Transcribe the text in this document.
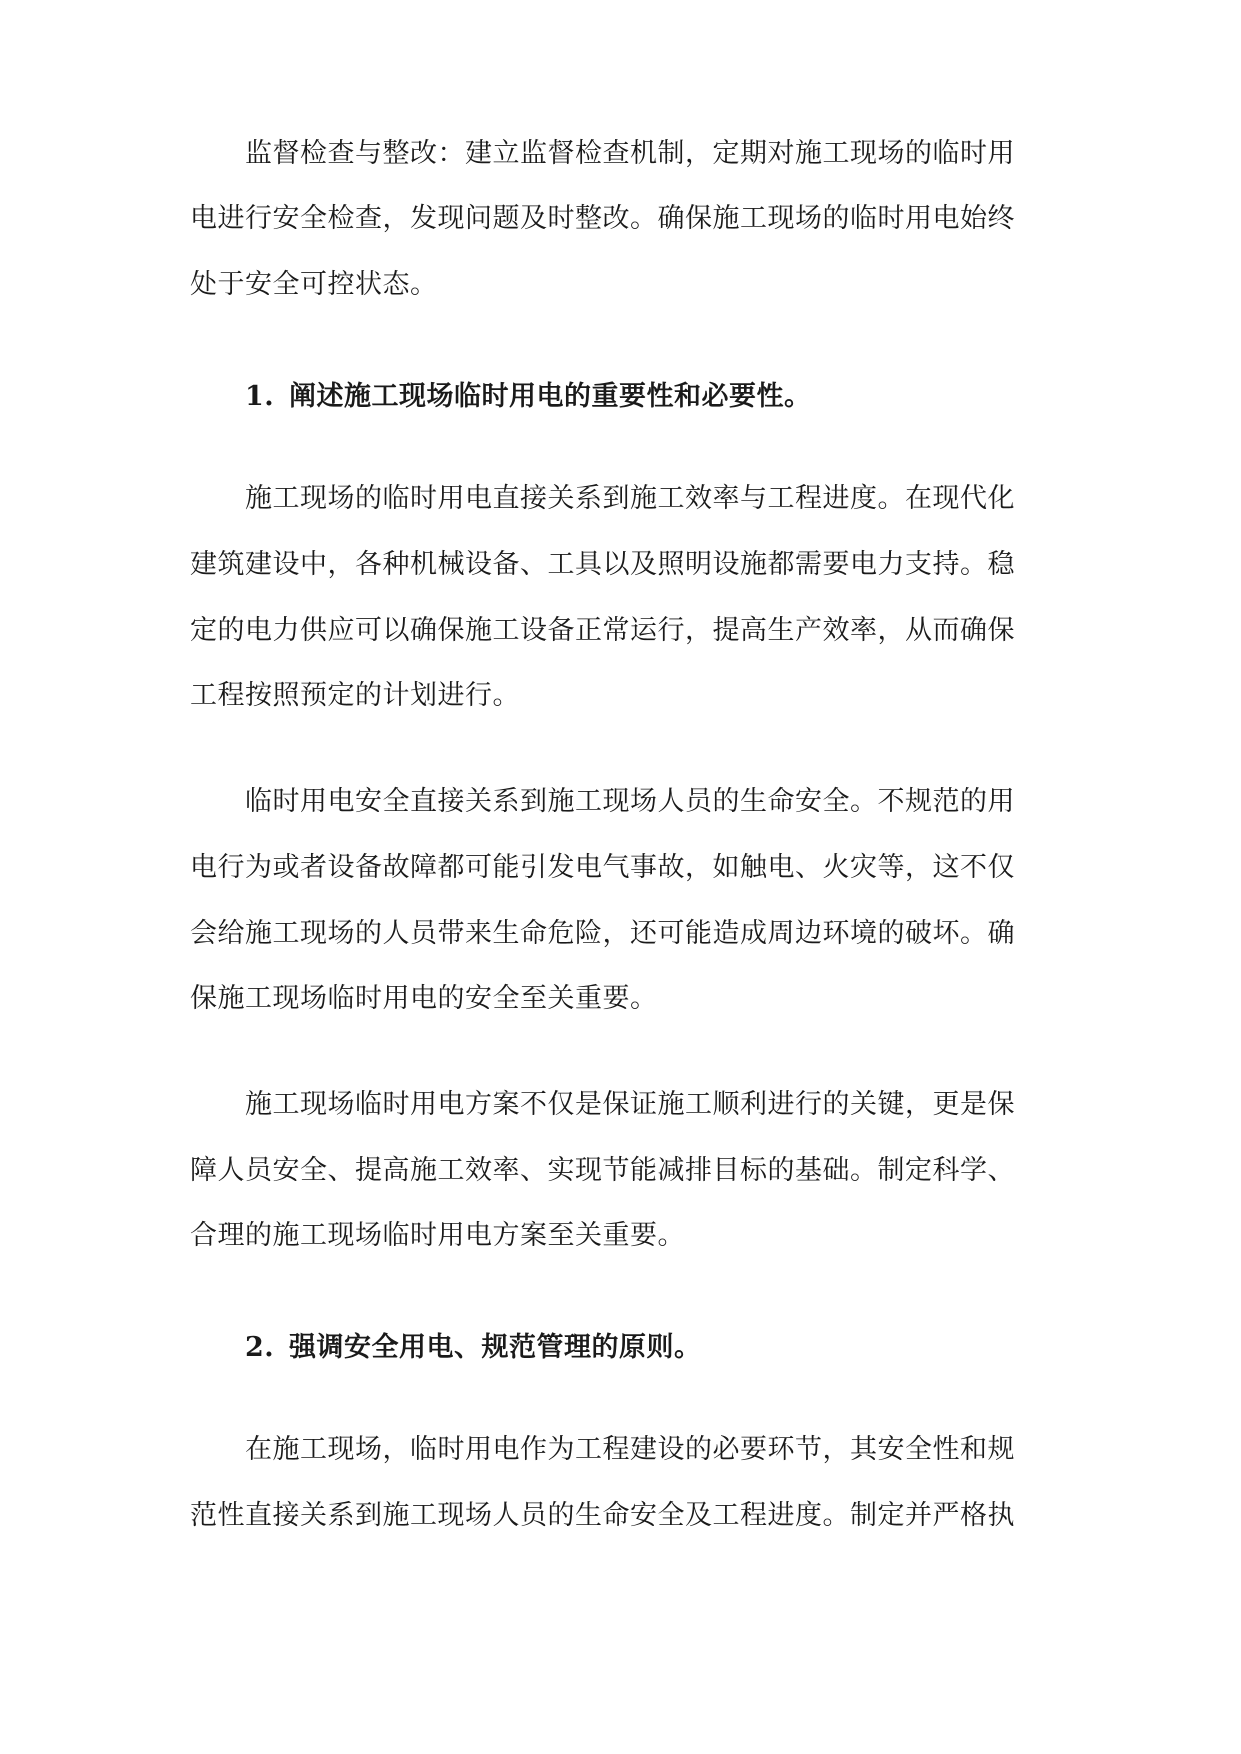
监督检查与整改：建立监督检查机制，定期对施工现场的临时用
电进行安全检查，发现问题及时整改。确保施工现场的临时用电始终
处于安全可控状态。
1. 阐述施工现场临时用电的重要性和必要性。
施工现场的临时用电直接关系到施工效率与工程进度。在现代化
建筑建设中，各种机械设备、工具以及照明设施都需要电力支持。稳
定的电力供应可以确保施工设备正常运行，提高生产效率，从而确保
工程按照预定的计划进行。
临时用电安全直接关系到施工现场人员的生命安全。不规范的用
电行为或者设备故障都可能引发电气事故，如触电、火灾等，这不仅
会给施工现场的人员带来生命危险，还可能造成周边环境的破坏。确
保施工现场临时用电的安全至关重要。
施工现场临时用电方案不仅是保证施工顺利进行的关键，更是保
障人员安全、提高施工效率、实现节能减排目标的基础。制定科学、
合理的施工现场临时用电方案至关重要。
2. 强调安全用电、规范管理的原则。
在施工现场，临时用电作为工程建设的必要环节，其安全性和规
范性直接关系到施工现场人员的生命安全及工程进度。制定并严格执
